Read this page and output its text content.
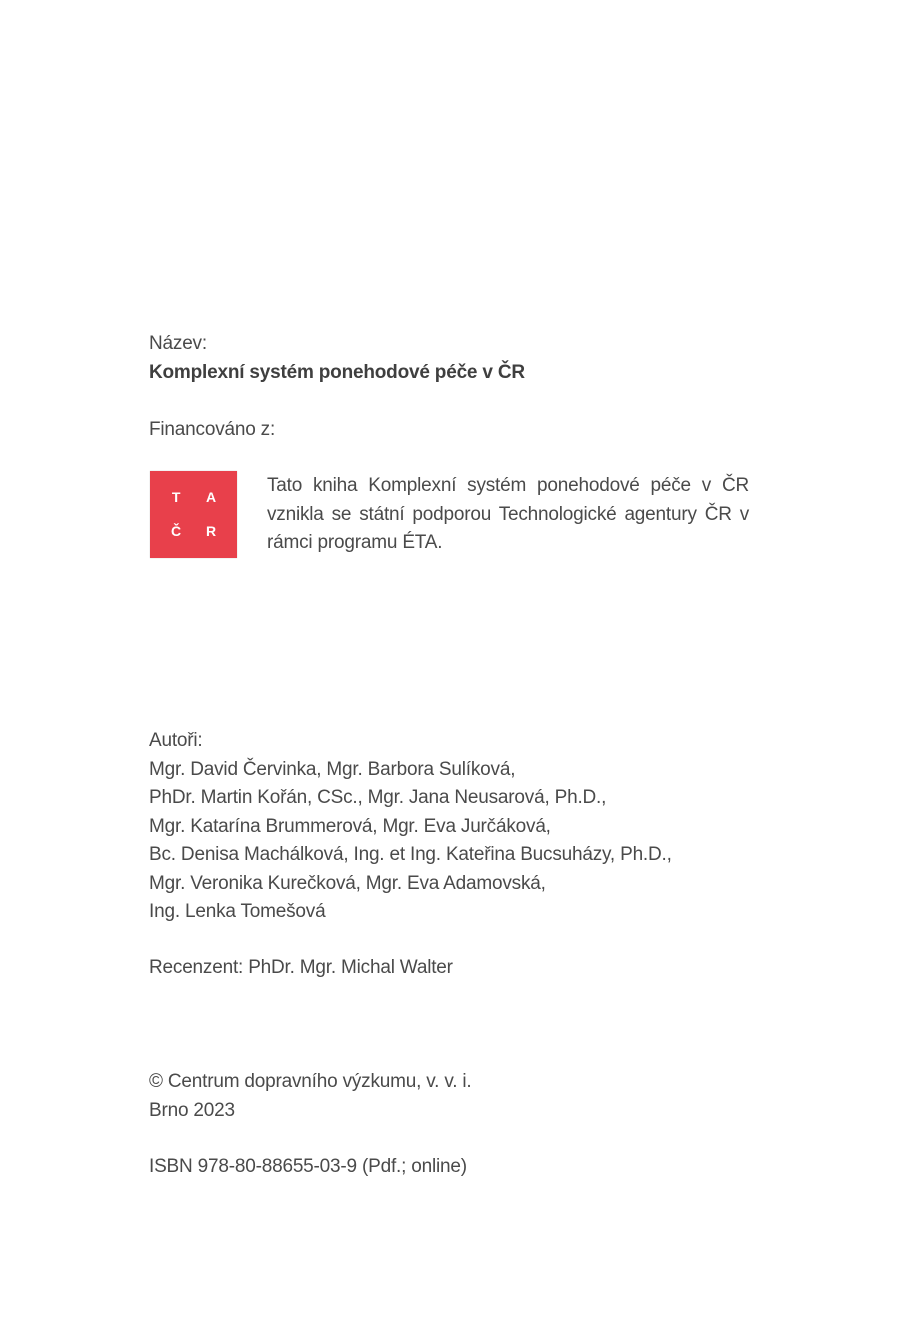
Název:
Komplexní systém ponehodové péče v ČR
Financováno z:
T	A
Č	R
Tato kniha Komplexní systém ponehodové péče v ČR vznikla se státní podporou Technologické agentury ČR v rámci programu ÉTA.
Autoři:
Mgr. David Červinka, Mgr. Barbora Sulíková,
PhDr. Martin Kořán, CSc., Mgr. Jana Neusarová, Ph.D.,
Mgr. Katarína Brummerová, Mgr. Eva Jurčáková,
Bc. Denisa Machálková, Ing. et Ing. Kateřina Bucsuházy, Ph.D.,
Mgr. Veronika Kurečková, Mgr. Eva Adamovská,
Ing. Lenka Tomešová
Recenzent: PhDr. Mgr. Michal Walter
© Centrum dopravního výzkumu, v. v. i.
Brno 2023
ISBN 978-80-88655-03-9 (Pdf.; online)
